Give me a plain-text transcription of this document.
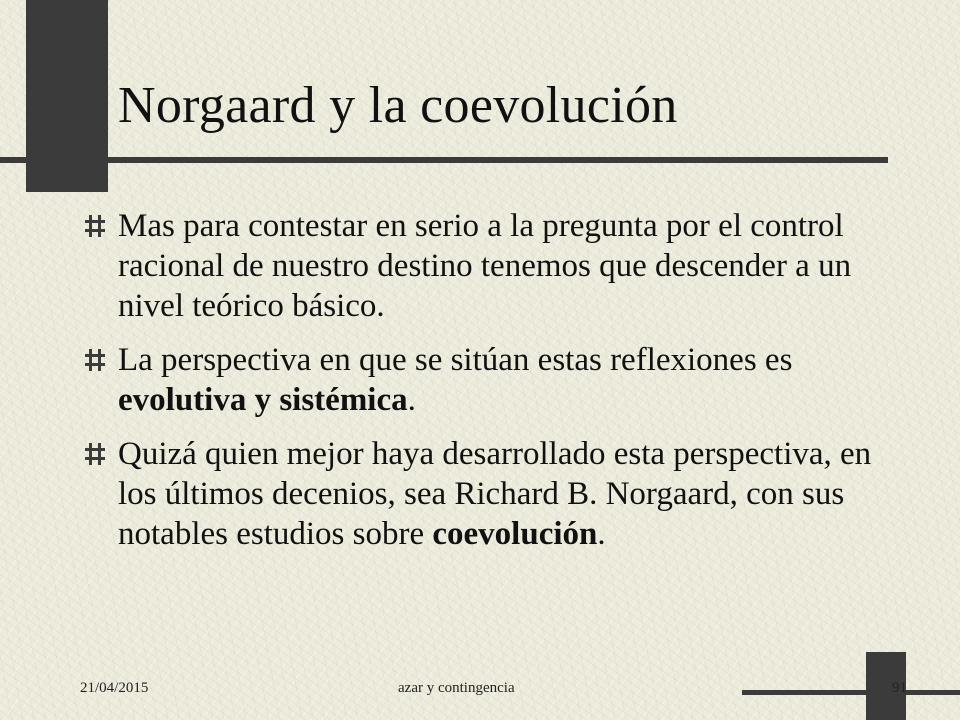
Norgaard y la coevolución
Mas para contestar en serio a la pregunta por el control racional de nuestro destino tenemos que descender a un nivel teórico básico.
La perspectiva en que se sitúan estas reflexiones es evolutiva y sistémica.
Quizá quien mejor haya desarrollado esta perspectiva, en los últimos decenios, sea Richard B. Norgaard, con sus notables estudios sobre coevolución.
21/04/2015	azar y contingencia	91
